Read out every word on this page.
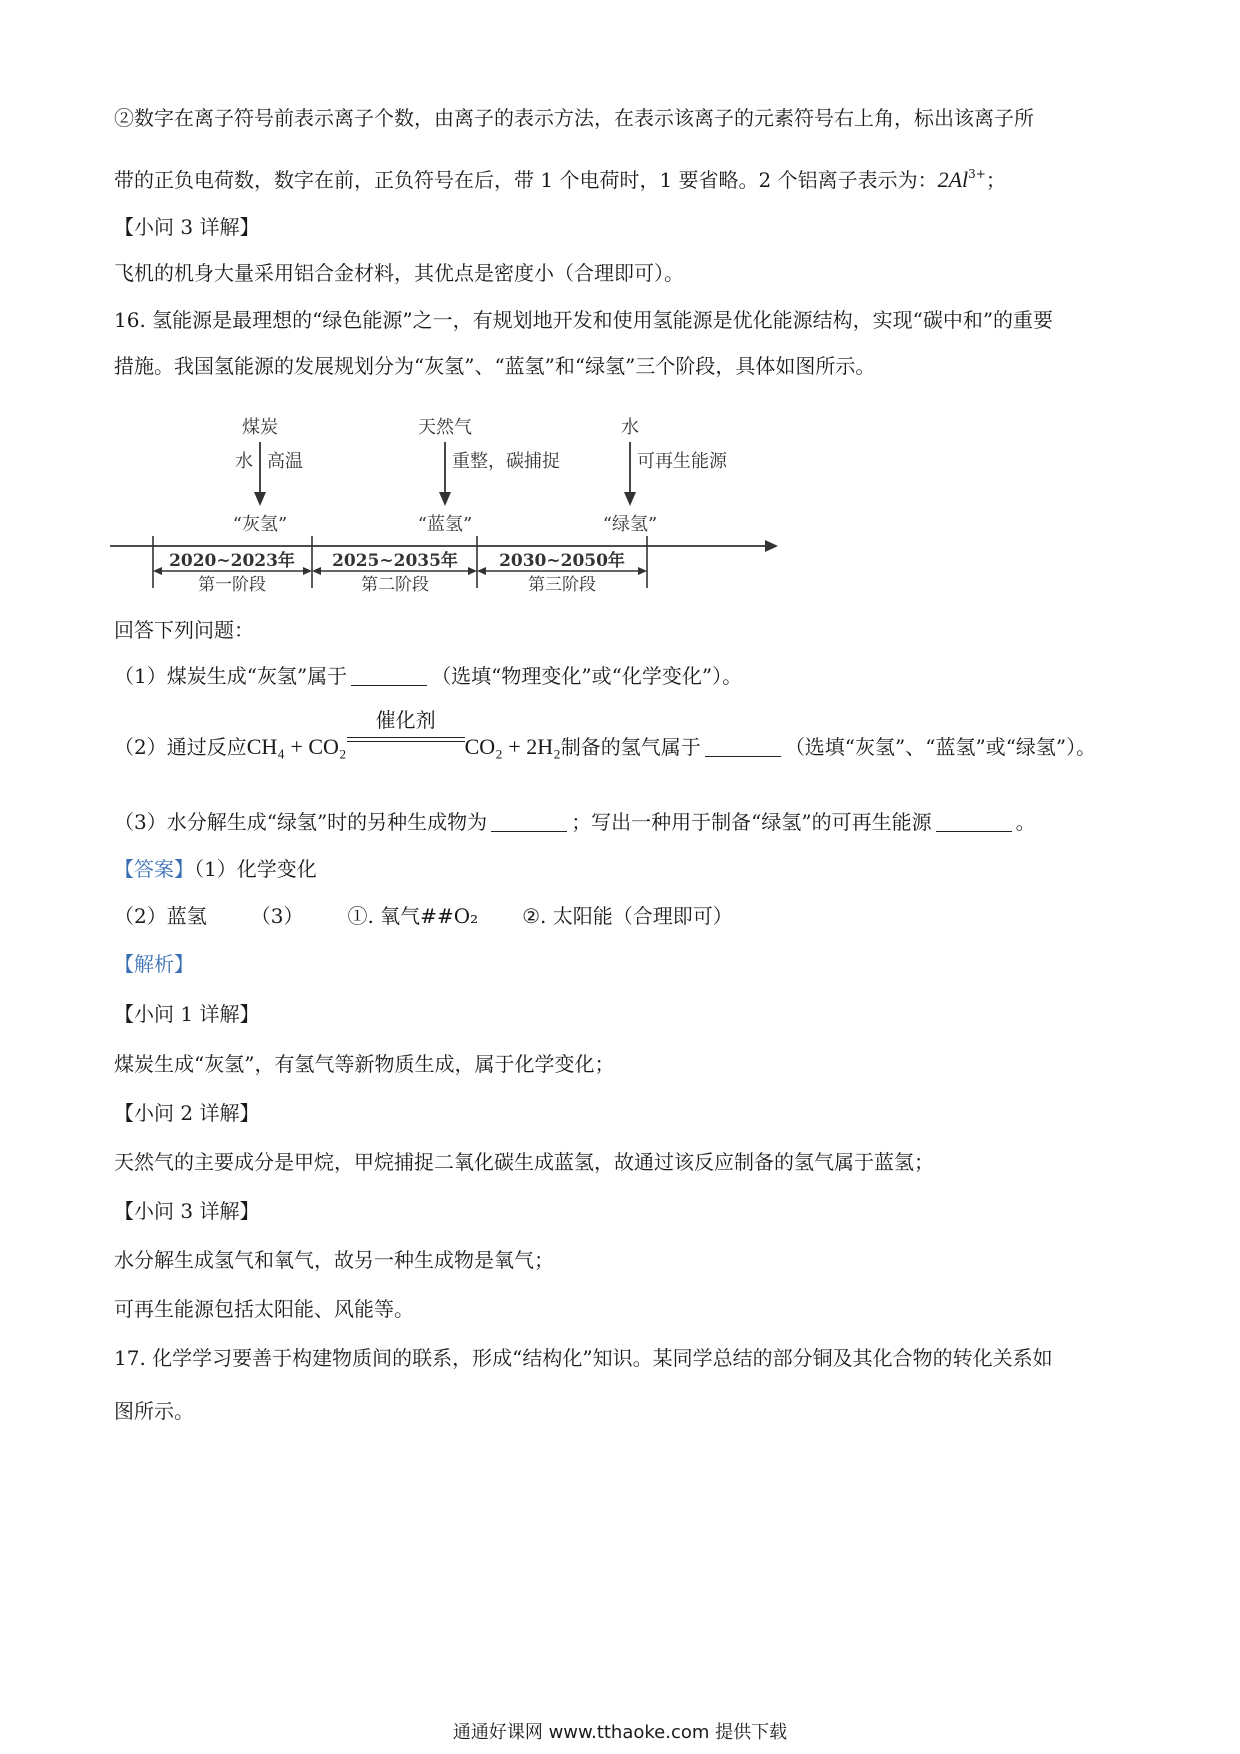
②数字在离子符号前表示离子个数，由离子的表示方法，在表示该离子的元素符号右上角，标出该离子所
带的正负电荷数，数字在前，正负符号在后，带 1 个电荷时，1 要省略。2 个铝离子表示为：$2Al^{3+}$；
【小问 3 详解】
飞机的机身大量采用铝合金材料，其优点是密度小（合理即可）。
16. 氢能源是最理想的“绿色能源”之一，有规划地开发和使用氢能源是优化能源结构，实现“碳中和”的重要
措施。我国氢能源的发展规划分为“灰氢”、“蓝氢”和“绿氢”三个阶段，具体如图所示。
煤炭	天然气	水
水 高温	重整，碳捕捉	可再生能源
“灰氢”	“蓝氢”	“绿氢”
2020~2023年 2025~2035年 2030~2050年
第一阶段	第二阶段	第三阶段
回答下列问题：
（1）煤炭生成“灰氢”属于	（选填“物理变化”或“化学变化”）。
（2）通过反应CH₄ + CO₂
催化剂
CO₂ + 2H₂制备的氢气属于	（选填“灰氢”、“蓝氢”或“绿氢”）。
（3）水分解生成“绿氢”时的另种生成物为	；写出一种用于制备“绿氢”的可再生能源	。
【答案】（1）化学变化
（2）蓝氢 （3） ①. 氧气##O₂ ②. 太阳能（合理即可）
【解析】
【小问 1 详解】
煤炭生成“灰氢”，有氢气等新物质生成，属于化学变化；
【小问 2 详解】
天然气的主要成分是甲烷，甲烷捕捉二氧化碳生成蓝氢，故通过该反应制备的氢气属于蓝氢；
【小问 3 详解】
水分解生成氢气和氧气，故另一种生成物是氧气；
可再生能源包括太阳能、风能等。
17. 化学学习要善于构建物质间的联系，形成“结构化”知识。某同学总结的部分铜及其化合物的转化关系如
图所示。
通通好课网 www.tthaoke.com 提供下载
